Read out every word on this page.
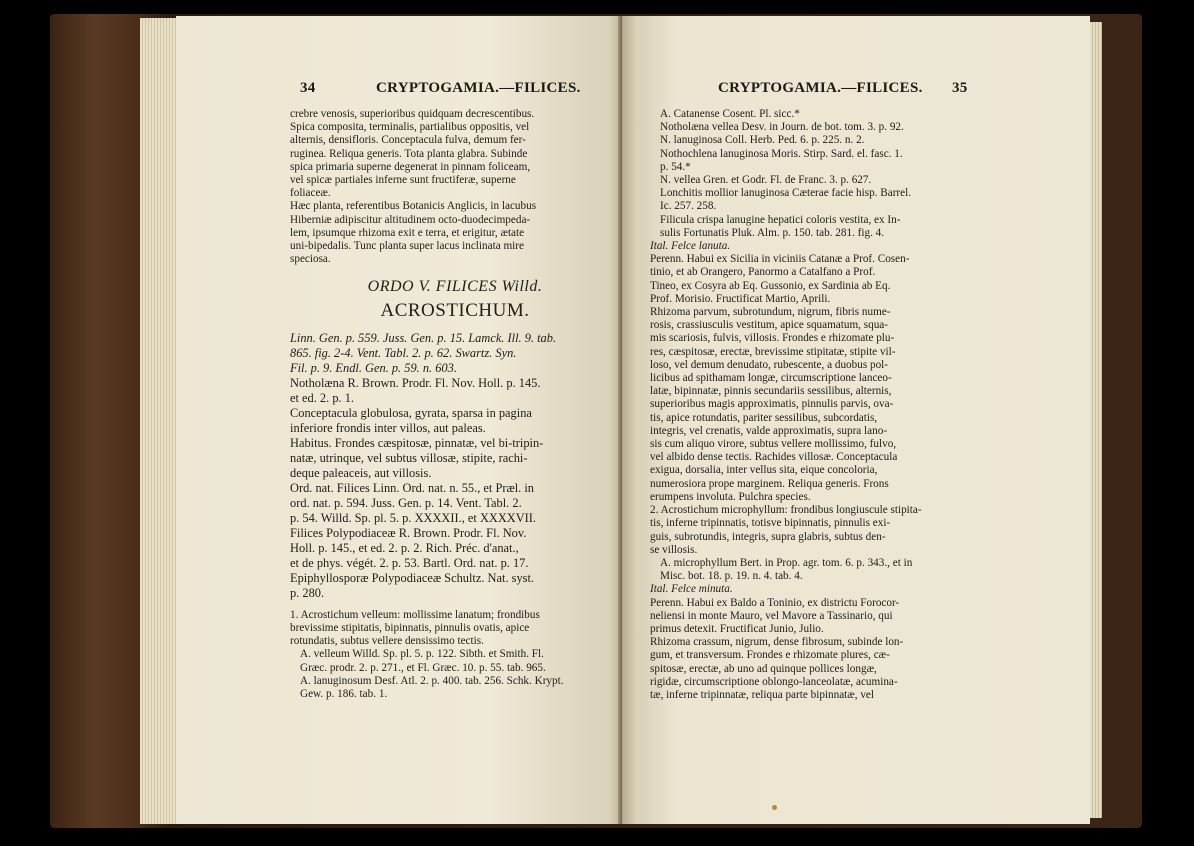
34	CRYPTOGAMIA.—FILICES.
crebre venosis, superioribus quidquam decrescentibus.
Spica composita, terminalis, partialibus oppositis, vel
alternis, densifloris. Conceptacula fulva, demum fer-
ruginea. Reliqua generis. Tota planta glabra. Subinde
spica primaria superne degenerat in pinnam foliceam,
vel spicæ partiales inferne sunt fructiferæ, superne
foliaceæ.
Hæc planta, referentibus Botanicis Anglicis, in lacubus
Hiberniæ adipiscitur altitudinem octo-duodecimpeda-
lem, ipsumque rhizoma exit e terra, et erigitur, ætate
uni-bipedalis. Tunc planta super lacus inclinata mire
speciosa.
ORDO V. FILICES Willd.
ACROSTICHUM.
Linn. Gen. p. 559. Juss. Gen. p. 15. Lamck. Ill. 9. tab.
865. fig. 2-4. Vent. Tabl. 2. p. 62. Swartz. Syn.
Fil. p. 9. Endl. Gen. p. 59. n. 603.
Notholæna R. Brown. Prodr. Fl. Nov. Holl. p. 145.
et ed. 2. p. 1.
Conceptacula globulosa, gyrata, sparsa in pagina
inferiore frondis inter villos, aut paleas.
Habitus. Frondes cæspitosæ, pinnatæ, vel bi-tripin-
natæ, utrinque, vel subtus villosæ, stipite, rachi-
deque paleaceis, aut villosis.
Ord. nat. Filices Linn. Ord. nat. n. 55., et Præl. in
ord. nat. p. 594. Juss. Gen. p. 14. Vent. Tabl. 2.
p. 54. Willd. Sp. pl. 5. p. XXXXII., et XXXXVII.
Filices Polypodiaceæ R. Brown. Prodr. Fl. Nov.
Holl. p. 145., et ed. 2. p. 2. Rich. Préc. d'anat.,
et de phys. végét. 2. p. 53. Bartl. Ord. nat. p. 17.
Epiphyllosporæ Polypodiaceæ Schultz. Nat. syst.
p. 280.
1. Acrostichum velleum: mollissime lanatum; frondibus
brevissime stipitatis, bipinnatis, pinnulis ovatis, apice
rotundatis, subtus vellere densissimo tectis.
A. velleum Willd. Sp. pl. 5. p. 122. Sibth. et Smith. Fl.
Græc. prodr. 2. p. 271., et Fl. Græc. 10. p. 55. tab. 965.
A. lanuginosum Desf. Atl. 2. p. 400. tab. 256. Schk. Krypt.
Gew. p. 186. tab. 1.
CRYPTOGAMIA.—FILICES. 35
A. Catanense Cosent. Pl. sicc.*
Notholæna vellea Desv. in Journ. de bot. tom. 3. p. 92.
N. lanuginosa Coll. Herb. Ped. 6. p. 225. n. 2.
Nothochlena lanuginosa Moris. Stirp. Sard. el. fasc. 1.
p. 54.*
N. vellea Gren. et Godr. Fl. de Franc. 3. p. 627.
Lonchitis mollior lanuginosa Cæterae facie hisp. Barrel.
Ic. 257. 258.
Filicula crispa lanugine hepatici coloris vestita, ex In-
sulis Fortunatis Pluk. Alm. p. 150. tab. 281. fig. 4.
Ital. Felce lanuta.
Perenn. Habui ex Sicilia in viciniis Catanæ a Prof. Cosen-
tinio, et ab Orangero, Panormo a Catalfano a Prof.
Tineo, ex Cosyra ab Eq. Gussonio, ex Sardinia ab Eq.
Prof. Morisio. Fructificat Martio, Aprili.
Rhizoma parvum, subrotundum, nigrum, fibris nume-
rosis, crassiusculis vestitum, apice squamatum, squa-
mis scariosis, fulvis, villosis. Frondes e rhizomate plu-
res, cæspitosæ, erectæ, brevissime stipitatæ, stipite vil-
loso, vel demum denudato, rubescente, a duobus pol-
licibus ad spithamam longæ, circumscriptione lanceo-
latæ, bipinnatæ, pinnis secundariis sessilibus, alternis,
superioribus magis approximatis, pinnulis parvis, ova-
tis, apice rotundatis, pariter sessilibus, subcordatis,
integris, vel crenatis, valde approximatis, supra lano-
sis cum aliquo virore, subtus vellere mollissimo, fulvo,
vel albido dense tectis. Rachides villosæ. Conceptacula
exigua, dorsalia, inter vellus sita, eique concoloria,
numerosiora prope marginem. Reliqua generis. Frons
erumpens involuta. Pulchra species.
2. Acrostichum microphyllum: frondibus longiuscule stipita-
tis, inferne tripinnatis, totisve bipinnatis, pinnulis exi-
guis, subrotundis, integris, supra glabris, subtus den-
se villosis.
A. microphyllum Bert. in Prop. agr. tom. 6. p. 343., et in
Misc. bot. 18. p. 19. n. 4. tab. 4.
Ital. Felce minuta.
Perenn. Habui ex Baldo a Toninio, ex districtu Forocor-
neliensi in monte Mauro, vel Mavore a Tassinario, qui
primus detexit. Fructificat Junio, Julio.
Rhizoma crassum, nigrum, dense fibrosum, subinde lon-
gum, et transversum. Frondes e rhizomate plures, cæ-
spitosæ, erectæ, ab uno ad quinque pollices longæ,
rigidæ, circumscriptione oblongo-lanceolatæ, acumina-
tæ, inferne tripinnatæ, reliqua parte bipinnatæ, vel
